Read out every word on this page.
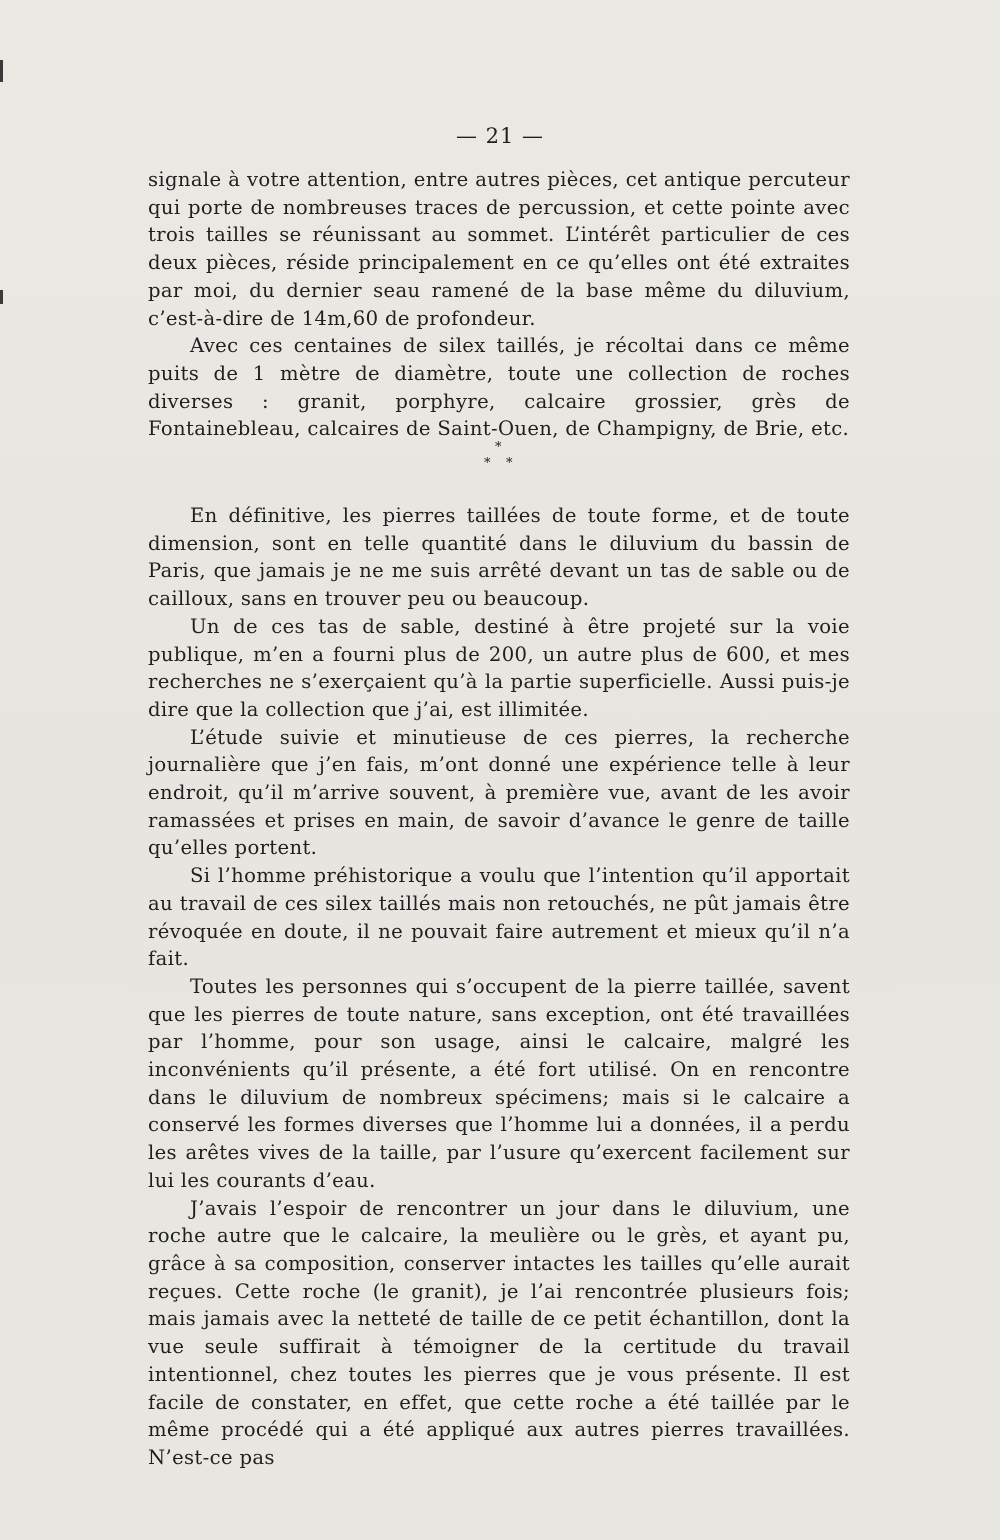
— 21 —

signale à votre attention, entre autres pièces, cet antique percuteur qui porte de nombreuses traces de percussion, et cette pointe avec trois tailles se réunissant au sommet. L’intérêt particulier de ces deux pièces, réside principalement en ce qu’elles ont été extraites par moi, du dernier seau ramené de la base même du diluvium, c’est-à-dire de 14m,60 de profondeur.

Avec ces centaines de silex taillés, je récoltai dans ce même puits de 1 mètre de diamètre, toute une collection de roches diverses : granit, porphyre, calcaire grossier, grès de Fontainebleau, calcaires de Saint-Ouen, de Champigny, de Brie, etc.

*
* *

En définitive, les pierres taillées de toute forme, et de toute dimension, sont en telle quantité dans le diluvium du bassin de Paris, que jamais je ne me suis arrêté devant un tas de sable ou de cailloux, sans en trouver peu ou beaucoup.

Un de ces tas de sable, destiné à être projeté sur la voie publique, m’en a fourni plus de 200, un autre plus de 600, et mes recherches ne s’exerçaient qu’à la partie superficielle. Aussi puis-je dire que la collection que j’ai, est illimitée.

L’étude suivie et minutieuse de ces pierres, la recherche journalière que j’en fais, m’ont donné une expérience telle à leur endroit, qu’il m’arrive souvent, à première vue, avant de les avoir ramassées et prises en main, de savoir d’avance le genre de taille qu’elles portent.

Si l’homme préhistorique a voulu que l’intention qu’il apportait au travail de ces silex taillés mais non retouchés, ne pût jamais être révoquée en doute, il ne pouvait faire autrement et mieux qu’il n’a fait.

Toutes les personnes qui s’occupent de la pierre taillée, savent que les pierres de toute nature, sans exception, ont été travaillées par l’homme, pour son usage, ainsi le calcaire, malgré les inconvénients qu’il présente, a été fort utilisé. On en rencontre dans le diluvium de nombreux spécimens; mais si le calcaire a conservé les formes diverses que l’homme lui a données, il a perdu les arêtes vives de la taille, par l’usure qu’exercent facilement sur lui les courants d’eau.

J’avais l’espoir de rencontrer un jour dans le diluvium, une roche autre que le calcaire, la meulière ou le grès, et ayant pu, grâce à sa composition, conserver intactes les tailles qu’elle aurait reçues. Cette roche (le granit), je l’ai rencontrée plusieurs fois; mais jamais avec la netteté de taille de ce petit échantillon, dont la vue seule suffirait à témoigner de la certitude du travail intentionnel, chez toutes les pierres que je vous présente. Il est facile de constater, en effet, que cette roche a été taillée par le même procédé qui a été appliqué aux autres pierres travaillées. N’est-ce pas
